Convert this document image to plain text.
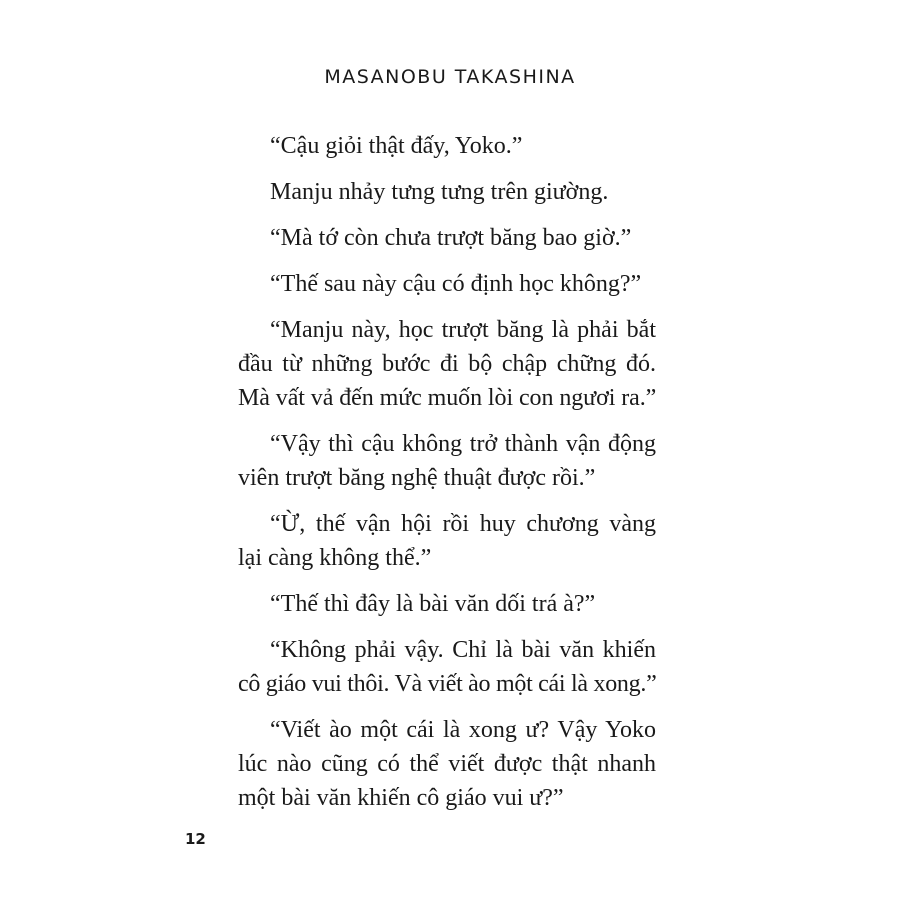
MASANOBU TAKASHINA

“Cậu giỏi thật đấy, Yoko.”

Manju nhảy tưng tưng trên giường.

“Mà tớ còn chưa trượt băng bao giờ.”

“Thế sau này cậu có định học không?”

“Manju này, học trượt băng là phải bắt
đầu từ những bước đi bộ chập chững đó.
Mà vất vả đến mức muốn lòi con ngươi ra.”

“Vậy thì cậu không trở thành vận động
viên trượt băng nghệ thuật được rồi.”

“Ừ, thế vận hội rồi huy chương vàng
lại càng không thể.”

“Thế thì đây là bài văn dối trá à?”

“Không phải vậy. Chỉ là bài văn khiến
cô giáo vui thôi. Và viết ào một cái là xong.”

“Viết ào một cái là xong ư? Vậy Yoko
lúc nào cũng có thể viết được thật nhanh
một bài văn khiến cô giáo vui ư?”

12
